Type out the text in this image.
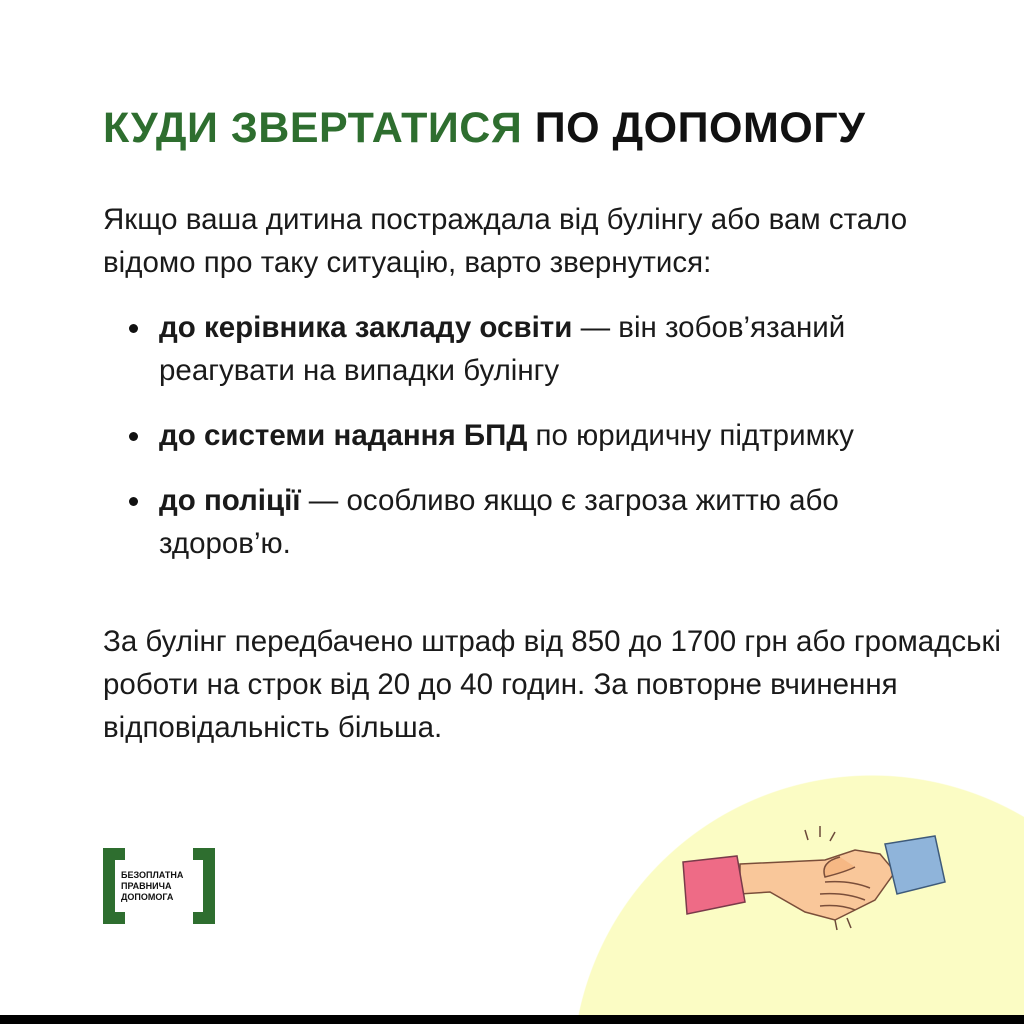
КУДИ ЗВЕРТАТИСЯ ПО ДОПОМОГУ
Якщо ваша дитина постраждала від булінгу або вам стало відомо про таку ситуацію, варто звернутися:
до керівника закладу освіти — він зобов’язаний реагувати на випадки булінгу
до системи надання БПД по юридичну підтримку
до поліції — особливо якщо є загроза життю або здоров’ю.
За булінг передбачено штраф від 850 до 1700 грн або громадські роботи на строк від 20 до 40 годин. За повторне вчинення відповідальність більша.
БЕЗОПЛАТНА
ПРАВНИЧА
ДОПОМОГА
